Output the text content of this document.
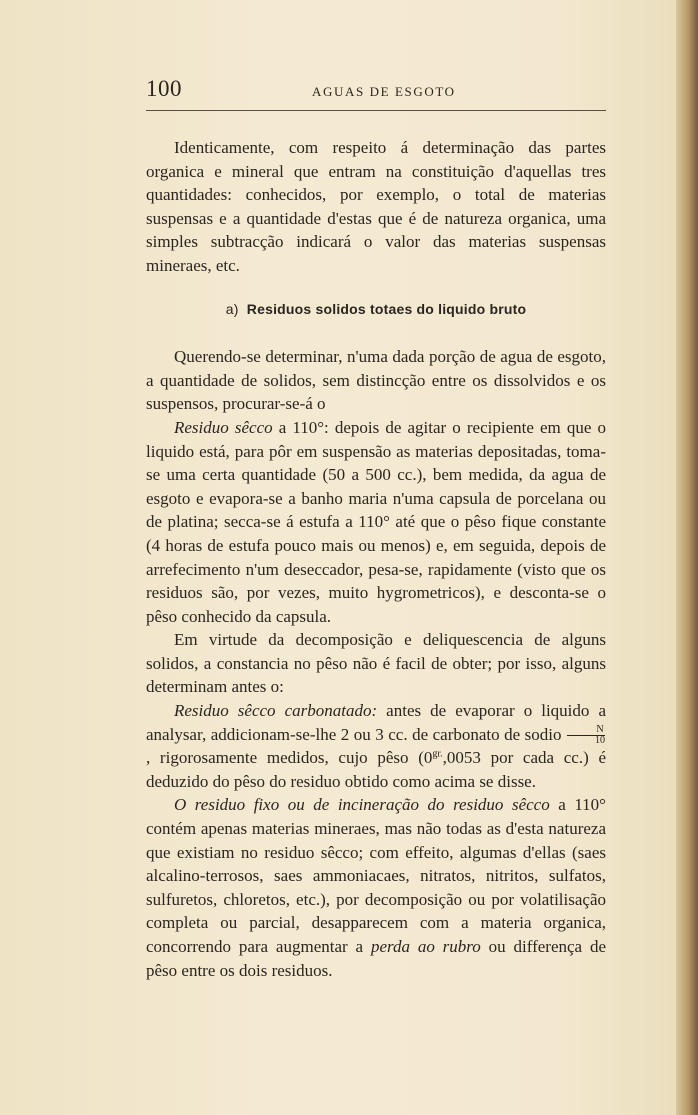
100	AGUAS DE ESGOTO

Identicamente, com respeito á determinação das partes organica e mineral que entram na constituição d'aquellas tres quantidades: conhecidos, por exemplo, o total de materias suspensas e a quantidade d'estas que é de natureza organica, uma simples subtracção indicará o valor das materias suspensas mineraes, etc.

a) Residuos solidos totaes do liquido bruto

Querendo-se determinar, n'uma dada porção de agua de esgoto, a quantidade de solidos, sem distincção entre os dissolvidos e os suspensos, procurar-se-á o

Residuo sêcco a 110°: depois de agitar o recipiente em que o liquido está, para pôr em suspensão as materias depositadas, toma-se uma certa quantidade (50 a 500 cc.), bem medida, da agua de esgoto e evapora-se a banho maria n'uma capsula de porcelana ou de platina; secca-se á estufa a 110° até que o pêso fique constante (4 horas de estufa pouco mais ou menos) e, em seguida, depois de arrefecimento n'um deseccador, pesa-se, rapidamente (visto que os residuos são, por vezes, muito hygrometricos), e desconta-se o pêso conhecido da capsula.

Em virtude da decomposição e deliquescencia de alguns solidos, a constancia no pêso não é facil de obter; por isso, alguns determinam antes o:

Residuo sêcco carbonatado: antes de evaporar o liquido a analysar, addicionam-se-lhe 2 ou 3 cc. de carbonato de sodio $\frac{N}{10}$
, rigorosamente medidos, cujo pêso ($0^{gr.},0053$ por cada cc.) é deduzido do pêso do residuo obtido como acima se disse.

O residuo fixo ou de incineração do residuo sêcco a 110° contém apenas materias mineraes, mas não todas as d'esta natureza que existiam no residuo sêcco; com effeito, algumas d'ellas (saes alcalino-terrosos, saes ammoniacaes, nitratos, nitritos, sulfatos, sulfuretos, chloretos, etc.), por decomposição ou por volatilisação completa ou parcial, desapparecem com a materia organica, concorrendo para augmentar a perda ao rubro ou differença de pêso entre os dois residuos.
